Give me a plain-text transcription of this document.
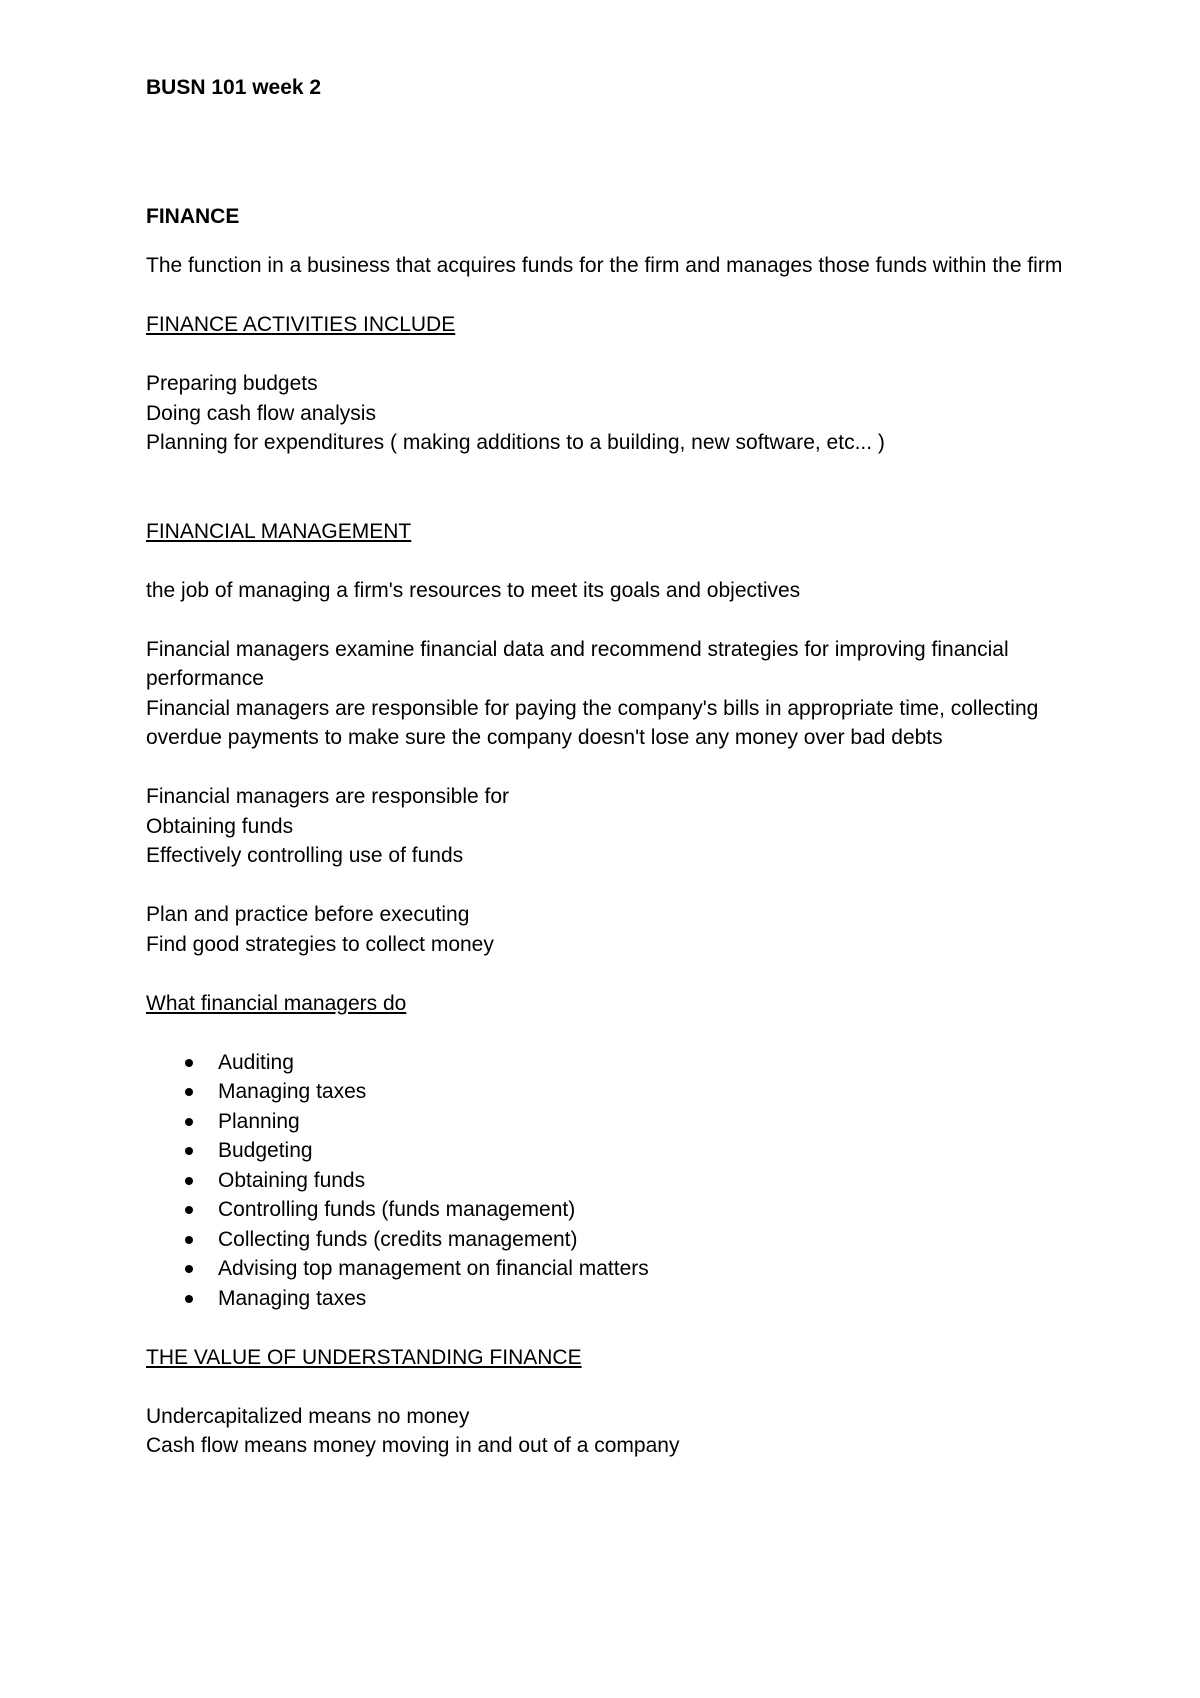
BUSN 101 week 2

FINANCE

The function in a business that acquires funds for the firm and manages those funds within the firm

FINANCE ACTIVITIES INCLUDE

Preparing budgets

Doing cash flow analysis

Planning for expenditures ( making additions to a building, new software, etc... )

FINANCIAL MANAGEMENT

the job of managing a firm's resources to meet its goals and objectives

Financial managers examine financial data and recommend strategies for improving financial performance

Financial managers are responsible for paying the company's bills in appropriate time, collecting overdue payments to make sure the company doesn't lose any money over bad debts

Financial managers are responsible for

Obtaining funds

Effectively controlling use of funds

Plan and practice before executing

Find good strategies to collect money

What financial managers do

Auditing
Managing taxes
Planning
Budgeting
Obtaining funds
Controlling funds (funds management)
Collecting funds (credits management)
Advising top management on financial matters
Managing taxes

THE VALUE OF UNDERSTANDING FINANCE

Undercapitalized means no money

Cash flow means money moving in and out of a company
